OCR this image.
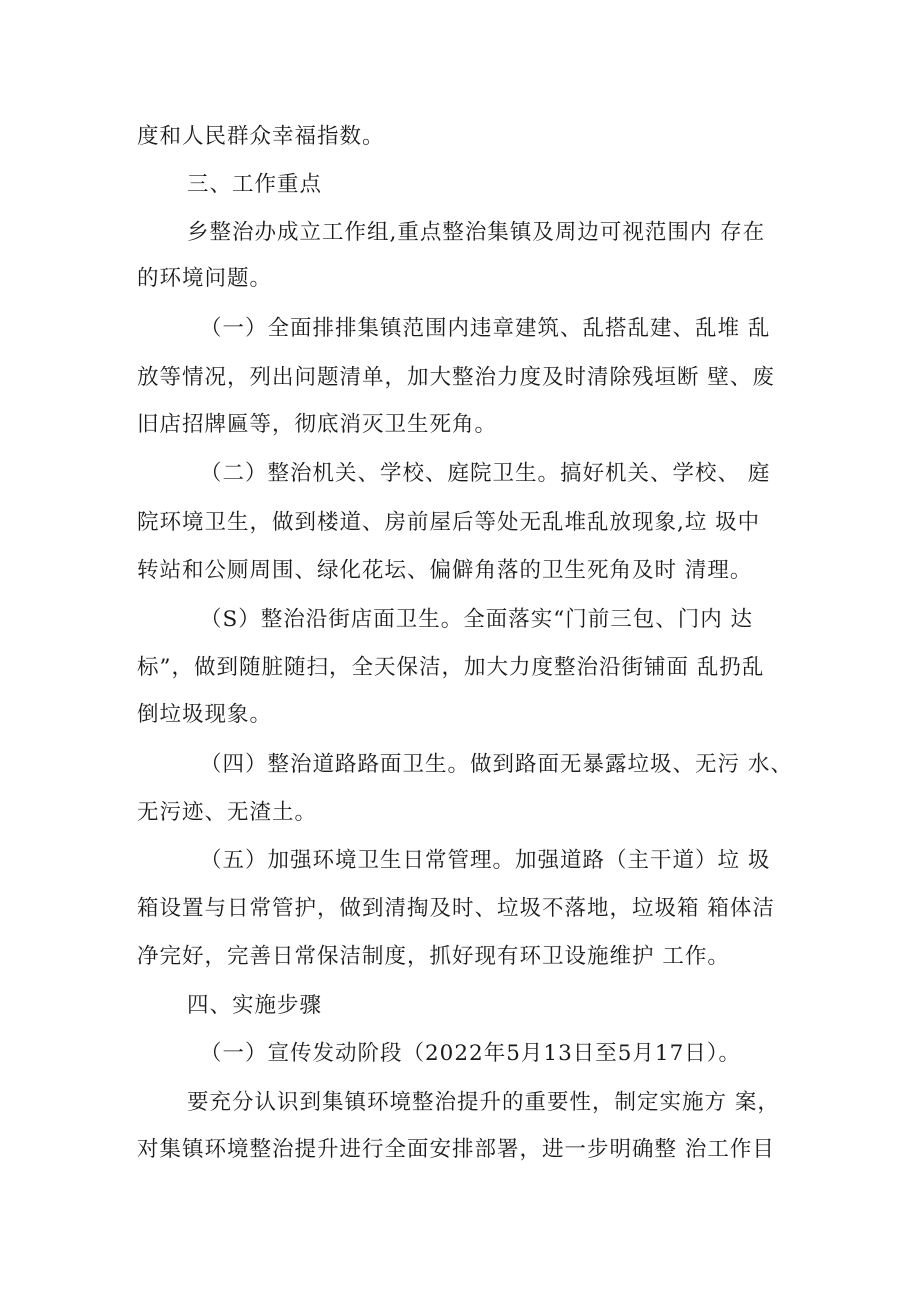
度和人民群众幸福指数。
三、工作重点
乡整治办成立工作组,重点整治集镇及周边可视范围内 存在
的环境问题。
（一）全面排排集镇范围内违章建筑、乱搭乱建、乱堆 乱
放等情况，列出问题清单，加大整治力度及时清除残垣断 壁、废
旧店招牌匾等，彻底消灭卫生死角。
（二）整治机关、学校、庭院卫生。搞好机关、学校、 庭
院环境卫生，做到楼道、房前屋后等处无乱堆乱放现象,垃 圾中
转站和公厕周围、绿化花坛、偏僻角落的卫生死角及时 清理。
（S）整治沿街店面卫生。全面落实“门前三包、门内 达
标”，做到随脏随扫，全天保洁，加大力度整治沿街铺面 乱扔乱
倒垃圾现象。
（四）整治道路路面卫生。做到路面无暴露垃圾、无污 水、
无污迹、无渣土。
（五）加强环境卫生日常管理。加强道路（主干道）垃 圾
箱设置与日常管护，做到清掏及时、垃圾不落地，垃圾箱 箱体洁
净完好，完善日常保洁制度，抓好现有环卫设施维护 工作。
四、实施步骤
（一）宣传发动阶段（2022年5月13日至5月17日）。
要充分认识到集镇环境整治提升的重要性，制定实施方 案，
对集镇环境整治提升进行全面安排部署，进一步明确整 治工作目
